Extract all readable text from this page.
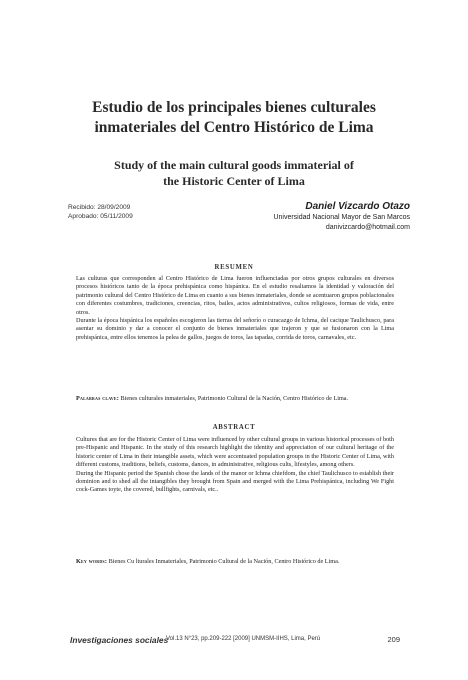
Estudio de los principales bienes culturales
inmateriales del Centro Histórico de Lima
Study of the main cultural goods immaterial of
the Historic Center of Lima
Recibido: 28/09/2009
Aprobado: 05/11/2009
Daniel Vizcardo Otazo
Universidad Nacional Mayor de San Marcos
danivizcardo@hotmail.com
RESUMEN

Las culturas que corresponden al Centro Histórico de Lima fueron influenciadas por otros grupos culturales en diversos procesos históricos tanto de la época prehispánica como hispánica. En el estudio resaltamos la identidad y valoración del patrimonio cultural del Centro Histórico de Lima en cuanto a sus bienes inmateriales, donde se acentuaron grupos poblacionales con diferentes costumbres, tradiciones, creencias, ritos, bailes, actos administrativos, cultos religiosos, formas de vida, entre otros.

Durante la época hispánica los españoles escogieron las tierras del señorío o curacazgo de Ichma, del cacique Taulichusco, para asentar su dominio y dar a conocer el conjunto de bienes inmateriales que trajeron y que se fusionaron con la Lima prehispánica, entre ellos tenemos la pelea de gallos, juegos de toros, las tapadas, corrida de toros, carnavales, etc.

Palabras clave: Bienes culturales inmateriales, Patrimonio Cultural de la Nación, Centro Histórico de Lima.
ABSTRACT

Cultures that are for the Historic Center of Lima were influenced by other cultural groups in various historical processes of both pre-Hispanic and Hispanic. In the study of this research highlight the identity and appreciation of our cultural heritage of the historic center of Lima in their intangible assets, which were accentuated population groups in the Historic Center of Lima, with different customs, traditions, beliefs, customs, dances, in administrative, religious cults, lifestyles, among others.

During the Hispanic period the Spanish chose the lands of the manor or Ichma chiefdom, the chief Taulichusco to establish their dominion and to shed all the intangibles they brought from Spain and merged with the Lima Prehispánica, including We Fight cock-Games toyte, the covered, bullfights, carnivals, etc..

Key words: Bienes Cu lturales Inmateriales, Patrimonio Cultural de la Nación, Centro Histórico de Lima.
Investigaciones sociales
Vol.13 N°23, pp.209-222 [2009] UNMSM-IIHS, Lima, Perú	209
